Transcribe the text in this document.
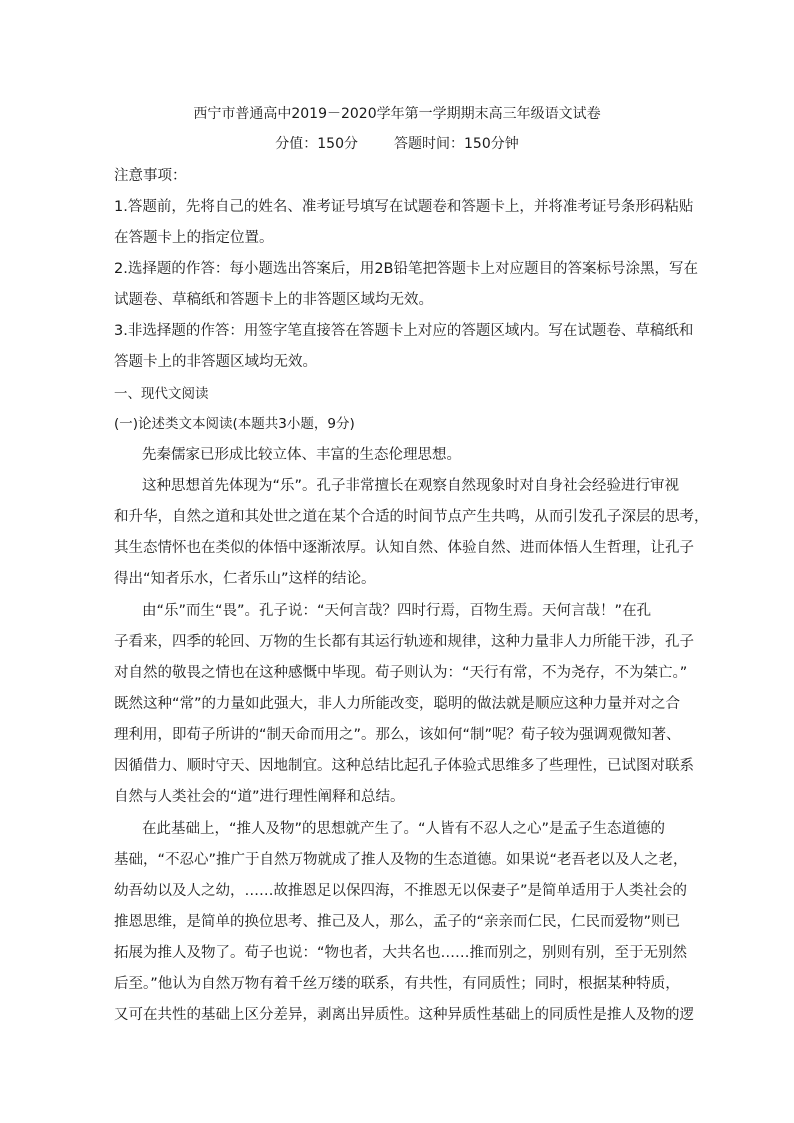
西宁市普通高中2019－2020学年第一学期期末高三年级语文试卷
分值：150分	答题时间：150分钟
注意事项：
1.答题前，先将自己的姓名、准考证号填写在试题卷和答题卡上，并将准考证号条形码粘贴
在答题卡上的指定位置。
2.选择题的作答：每小题选出答案后，用2B铅笔把答题卡上对应题目的答案标号涂黑，写在
试题卷、草稿纸和答题卡上的非答题区域均无效。
3.非选择题的作答：用签字笔直接答在答题卡上对应的答题区域内。写在试题卷、草稿纸和
答题卡上的非答题区域均无效。
一、现代文阅读
(一)论述类文本阅读(本题共3小题，9分)
先秦儒家已形成比较立体、丰富的生态伦理思想。
这种思想首先体现为“乐”。孔子非常擅长在观察自然现象时对自身社会经验进行审视
和升华，自然之道和其处世之道在某个合适的时间节点产生共鸣，从而引发孔子深层的思考，
其生态情怀也在类似的体悟中逐渐浓厚。认知自然、体验自然、进而体悟人生哲理，让孔子
得出“知者乐水，仁者乐山”这样的结论。
由“乐”而生“畏”。孔子说：“天何言哉？四时行焉，百物生焉。天何言哉！”在孔
子看来，四季的轮回、万物的生长都有其运行轨迹和规律，这种力量非人力所能干涉，孔子
对自然的敬畏之情也在这种感慨中毕现。荀子则认为：“天行有常，不为尧存，不为桀亡。”
既然这种“常”的力量如此强大，非人力所能改变，聪明的做法就是顺应这种力量并对之合
理利用，即荀子所讲的“制天命而用之”。那么，该如何“制”呢？荀子较为强调观微知著、
因循借力、顺时守天、因地制宜。这种总结比起孔子体验式思维多了些理性，已试图对联系
自然与人类社会的“道”进行理性阐释和总结。
在此基础上，“推人及物”的思想就产生了。“人皆有不忍人之心”是孟子生态道德的
基础，“不忍心”推广于自然万物就成了推人及物的生态道德。如果说“老吾老以及人之老，
幼吾幼以及人之幼，……故推恩足以保四海，不推恩无以保妻子”是简单适用于人类社会的
推恩思维，是简单的换位思考、推己及人，那么，孟子的“亲亲而仁民，仁民而爱物”则已
拓展为推人及物了。荀子也说：“物也者，大共名也……推而别之，别则有别，至于无别然
后至。”他认为自然万物有着千丝万缕的联系，有共性，有同质性；同时，根据某种特质，
又可在共性的基础上区分差异，剥离出异质性。这种异质性基础上的同质性是推人及物的逻
